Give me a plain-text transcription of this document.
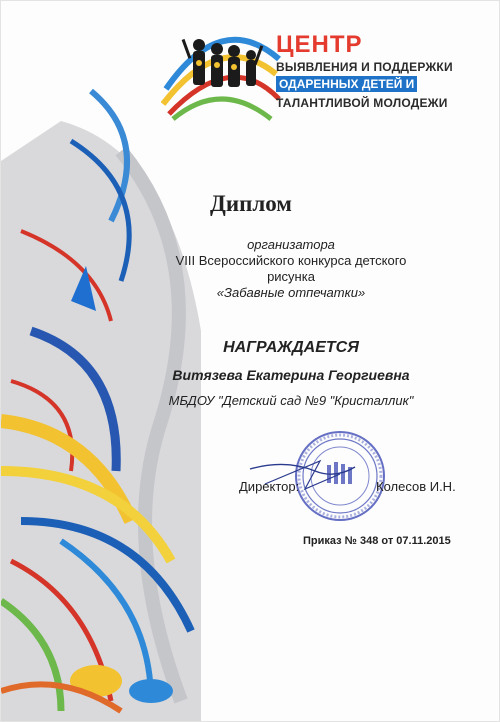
ЦЕНТР
ВЫЯВЛЕНИЯ И ПОДДЕРЖКИ
ОДАРЕННЫХ ДЕТЕЙ И
ТАЛАНТЛИВОЙ МОЛОДЕЖИ
Диплом
организатора
VIII Всероссийского конкурса детского
рисунка
«Забавные отпечатки»
НАГРАЖДАЕТСЯ
Витязева Екатерина Георгиевна
МБДОУ "Детский сад №9 "Кристаллик"
Директор:	Колесов И.Н.
Приказ № 348 от 07.11.2015
